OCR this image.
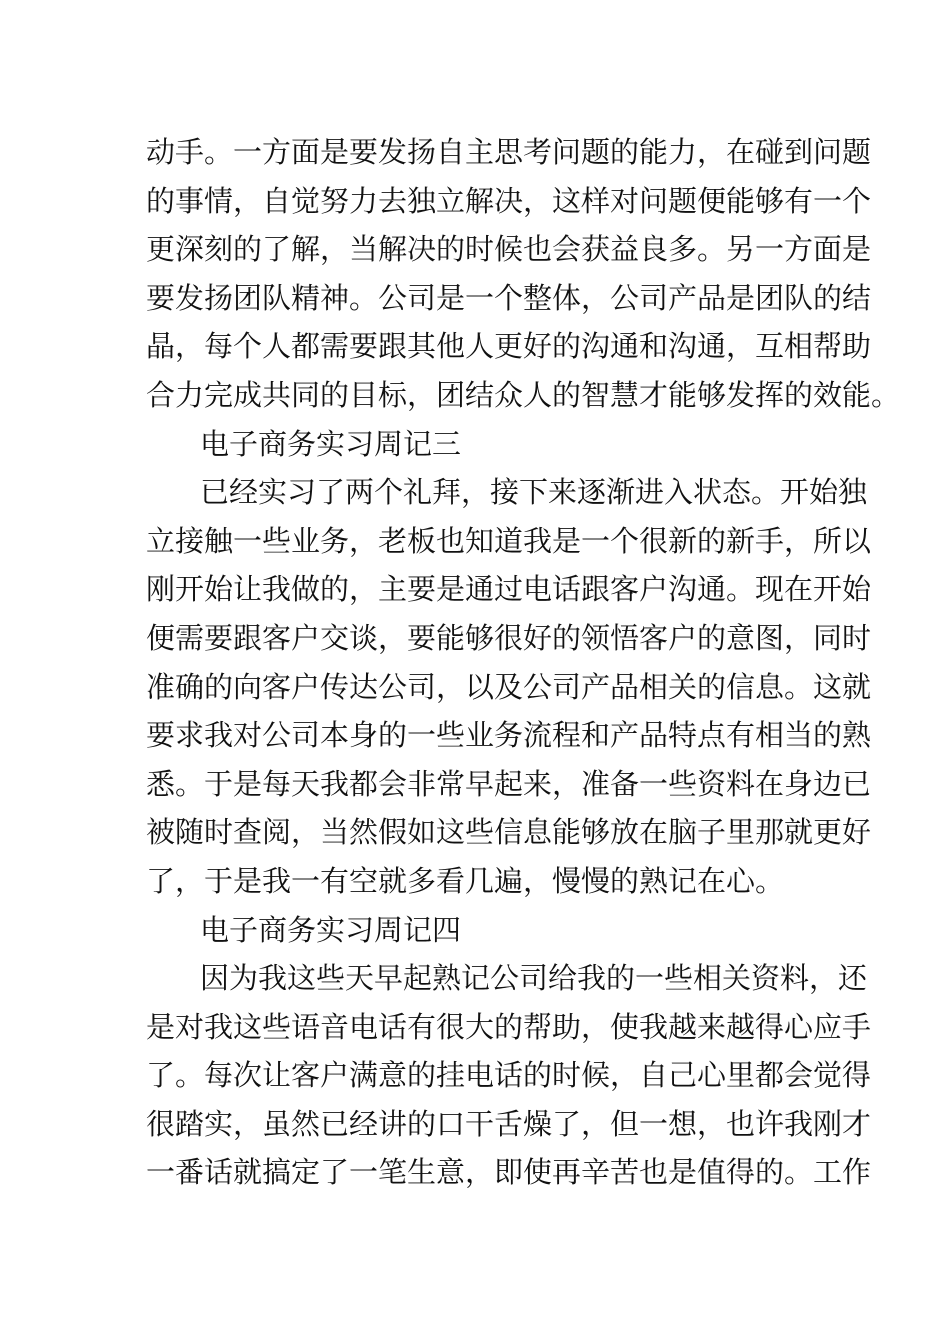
动手。一方面是要发扬自主思考问题的能力，在碰到问题
的事情，自觉努力去独立解决，这样对问题便能够有一个
更深刻的了解，当解决的时候也会获益良多。另一方面是
要发扬团队精神。公司是一个整体，公司产品是团队的结
晶，每个人都需要跟其他人更好的沟通和沟通，互相帮助
合力完成共同的目标，团结众人的智慧才能够发挥的效能。
电子商务实习周记三
已经实习了两个礼拜，接下来逐渐进入状态。开始独
立接触一些业务，老板也知道我是一个很新的新手，所以
刚开始让我做的，主要是通过电话跟客户沟通。现在开始
便需要跟客户交谈，要能够很好的领悟客户的意图，同时
准确的向客户传达公司，以及公司产品相关的信息。这就
要求我对公司本身的一些业务流程和产品特点有相当的熟
悉。于是每天我都会非常早起来，准备一些资料在身边已
被随时查阅，当然假如这些信息能够放在脑子里那就更好
了，于是我一有空就多看几遍，慢慢的熟记在心。
电子商务实习周记四
因为我这些天早起熟记公司给我的一些相关资料，还
是对我这些语音电话有很大的帮助，使我越来越得心应手
了。每次让客户满意的挂电话的时候，自己心里都会觉得
很踏实，虽然已经讲的口干舌燥了，但一想，也许我刚才
一番话就搞定了一笔生意，即使再辛苦也是值得的。工作
